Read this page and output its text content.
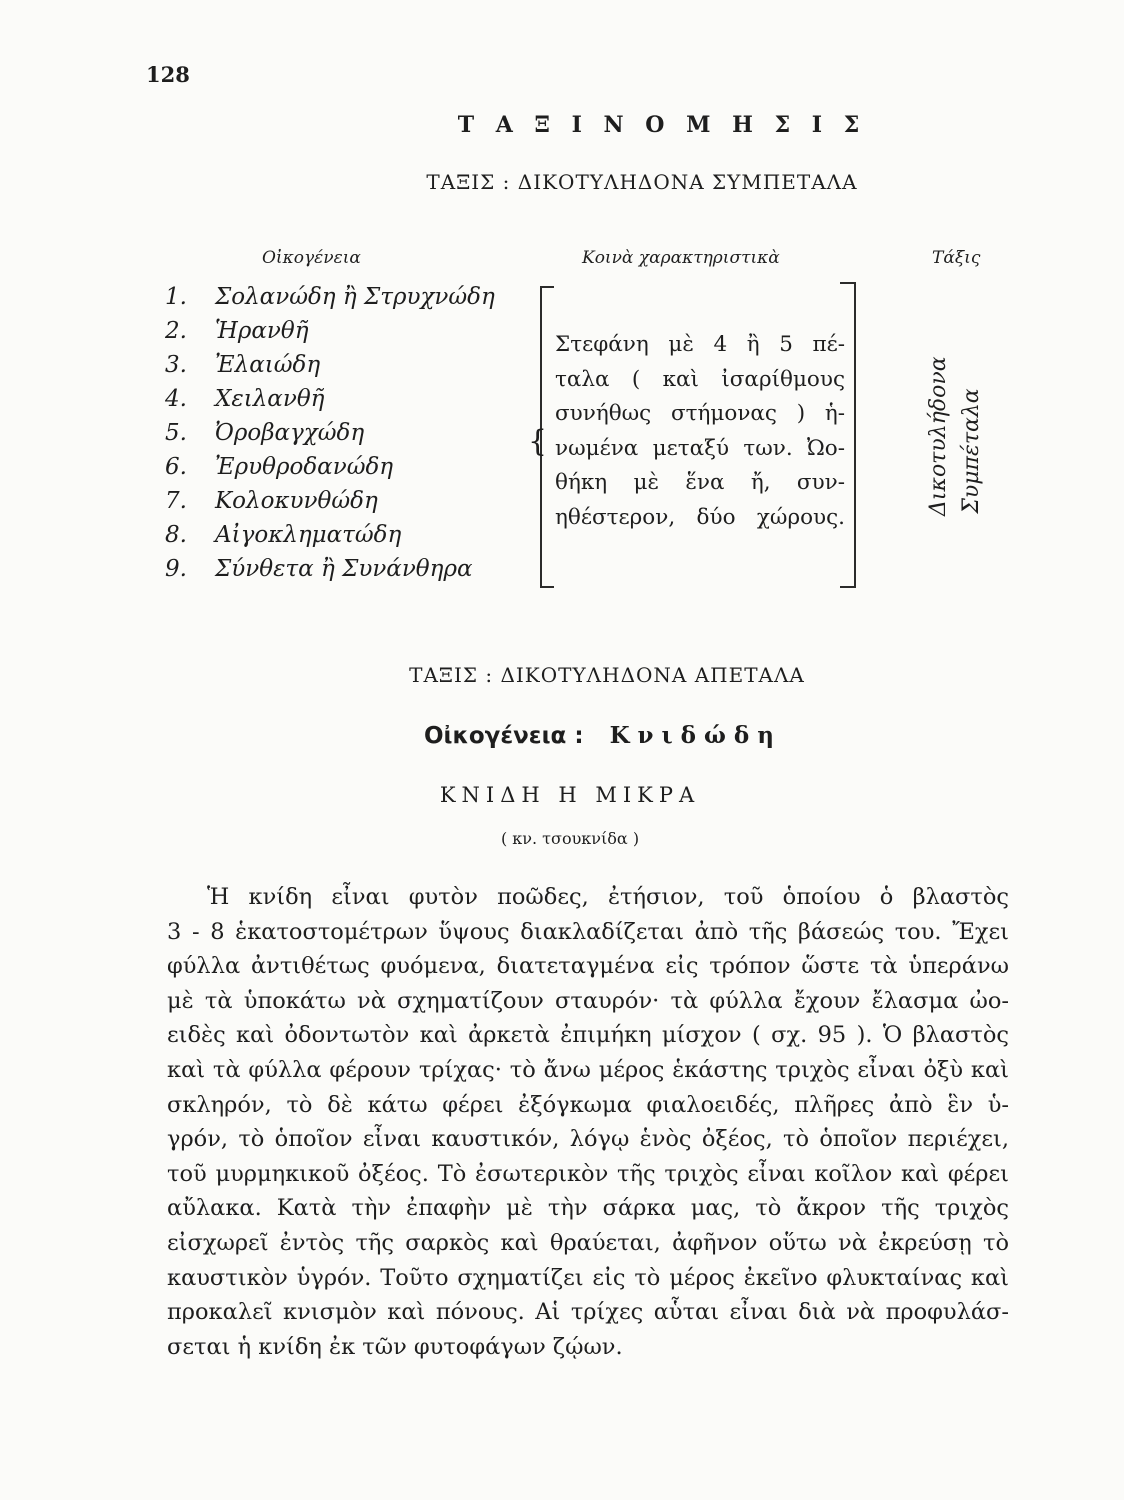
128
Τ Α Ξ Ι Ν Ο Μ Η Σ Ι Σ
ΤΑΞΙΣ : ΔΙΚΟΤΥΛΗΔΟΝΑ ΣΥΜΠΕΤΑΛΑ
Οἰκογένεια	Κοινὰ χαρακτηριστικὰ	Τάξις
1. Σολανώδη ἢ Στρυχνώδη
2. Ἡρανθῆ
3. Ἐλαιώδη
4. Χειλανθῆ
5. Ὀροβαγχώδη
6. Ἐρυθροδανώδη
7. Κολοκυνθώδη
8. Αἰγοκληματώδη
9. Σύνθετα ἢ Συνάνθηρα
{
Στεφάνη μὲ 4 ἢ 5 πέ-
ταλα ( καὶ ἰσαρίθμους
συνήθως στήμονας ) ἡ-
νωμένα μεταξύ των. Ὠο-
θήκη μὲ ἕνα ἤ, συν-
ηθέστερον, δύο χώρους.
Δικοτυλήδονα Συμπέταλα
ΤΑΞΙΣ : ΔΙΚΟΤΥΛΗΔΟΝΑ ΑΠΕΤΑΛΑ
Οἰκογένεια : Κνιδώδη
ΚΝΙΔΗ Η ΜΙΚΡΑ
( κν. τσουκνίδα )
Ἡ κνίδη εἶναι φυτὸν ποῶδες, ἐτήσιον, τοῦ ὁποίου ὁ βλαστὸς
3 - 8 ἑκατοστομέτρων ὕψους διακλαδίζεται ἀπὸ τῆς βάσεώς του. Ἔχει
φύλλα ἀντιθέτως φυόμενα, διατεταγμένα εἰς τρόπον ὥστε τὰ ὑπεράνω
μὲ τὰ ὑποκάτω νὰ σχηματίζουν σταυρόν· τὰ φύλλα ἔχουν ἔλασμα ὠο-
ειδὲς καὶ ὀδοντωτὸν καὶ ἀρκετὰ ἐπιμήκη μίσχον ( σχ. 95 ). Ὁ βλαστὸς
καὶ τὰ φύλλα φέρουν τρίχας· τὸ ἄνω μέρος ἑκάστης τριχὸς εἶναι ὀξὺ καὶ
σκληρόν, τὸ δὲ κάτω φέρει ἐξόγκωμα φιαλοειδές, πλῆρες ἀπὸ ἓν ὑ-
γρόν, τὸ ὁποῖον εἶναι καυστικόν, λόγῳ ἑνὸς ὀξέος, τὸ ὁποῖον περιέχει,
τοῦ μυρμηκικοῦ ὀξέος. Τὸ ἐσωτερικὸν τῆς τριχὸς εἶναι κοῖλον καὶ φέρει
αὔλακα. Κατὰ τὴν ἐπαφὴν μὲ τὴν σάρκα μας, τὸ ἄκρον τῆς τριχὸς
εἰσχωρεῖ ἐντὸς τῆς σαρκὸς καὶ θραύεται, ἀφῆνον οὕτω νὰ ἐκρεύσῃ τὸ
καυστικὸν ὑγρόν. Τοῦτο σχηματίζει εἰς τὸ μέρος ἐκεῖνο φλυκταίνας καὶ
προκαλεῖ κνισμὸν καὶ πόνους. Αἱ τρίχες αὗται εἶναι διὰ νὰ προφυλάσ-
σεται ἡ κνίδη ἐκ τῶν φυτοφάγων ζῴων.
